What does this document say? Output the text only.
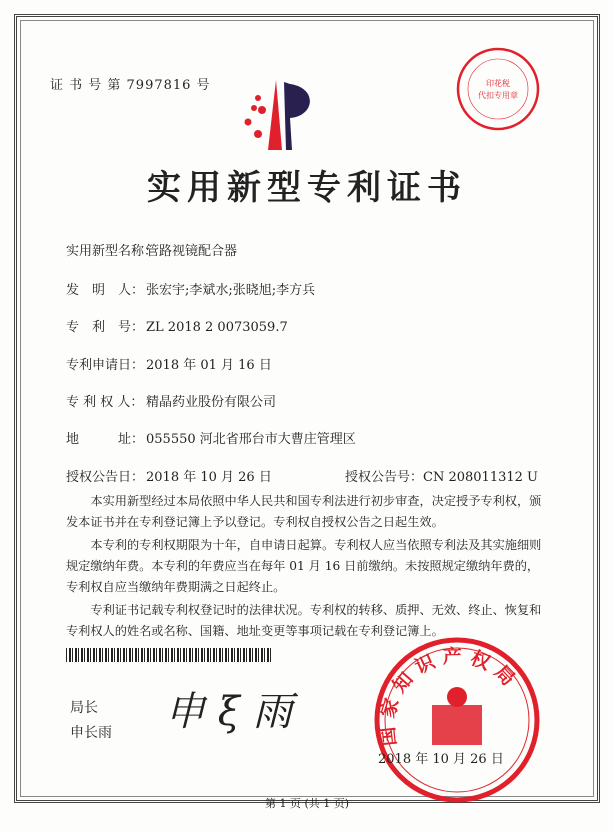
证 书 号 第 7997816 号	印花税
代扣专用章
实用新型专利证书
实用新型名称：管路视镜配合器
发　明　人： 张宏宇;李斌水;张晓旭;李方兵
专　利　号： ZL 2018 2 0073059.7
专利申请日： 2018 年 01 月 16 日
专 利 权 人： 精晶药业股份有限公司
地　　　址： 055550 河北省邢台市大曹庄管理区
授权公告日： 2018 年 10 月 26 日	授权公告号：CN 208011312 U
本实用新型经过本局依照中华人民共和国专利法进行初步审查，决定授予专利权，颁发本证书并在专利登记簿上予以登记。专利权自授权公告之日起生效。
本专利的专利权期限为十年，自申请日起算。专利权人应当依照专利法及其实施细则规定缴纳年费。本专利的年费应当在每年 01 月 16 日前缴纳。未按照规定缴纳年费的，专利权自应当缴纳年费期满之日起终止。
专利证书记载专利权登记时的法律状况。专利权的转移、质押、无效、终止、恢复和专利权人的姓名或名称、国籍、地址变更等事项记载在专利登记簿上。
局长
申长雨 申 ξ 雨	国家知识产权局
2018 年 10 月 26 日
第 1 页 (共 1 页)
